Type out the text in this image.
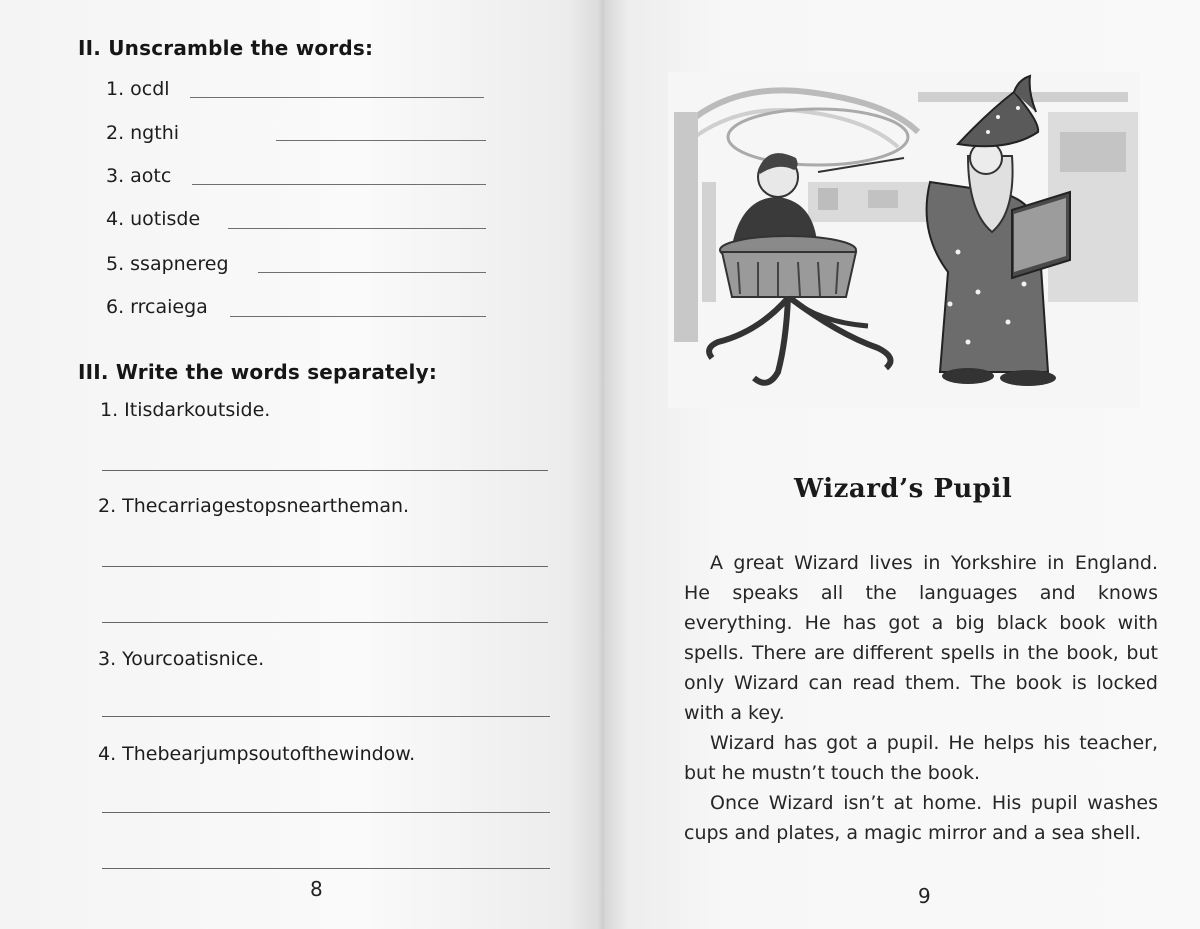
II. Unscramble the words:
1. ocdl
2. ngthi
3. aotc
4. uotisde
5. ssapnereg
6. rrcaiega
III. Write the words separately:
1. Itisdarkoutside.
2. Thecarriagestopsneartheman.
3. Yourcoatisnice.
4. Thebearjumpsoutofthewindow.
8
Wizard’s Pupil

A great Wizard lives in Yorkshire in England. He speaks all the languages and knows everything. He has got a big black book with spells. There are different spells in the book, but only Wizard can read them. The book is locked with a key.

Wizard has got a pupil. He helps his teacher, but he mustn’t touch the book.

Once Wizard isn’t at home. His pupil washes cups and plates, a magic mirror and a sea shell.

9
